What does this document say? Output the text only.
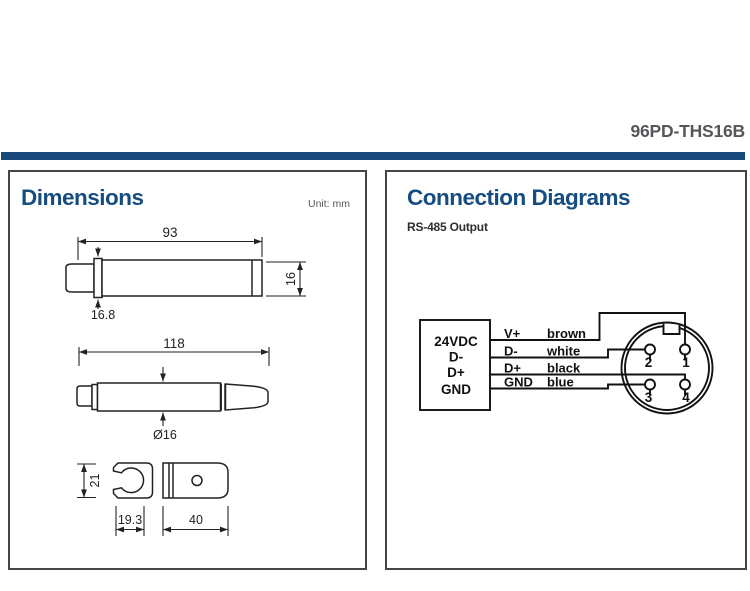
96PD-THS16B
Dimensions	Unit: mm	Connection Diagrams
RS-485 Output
93
16.8
16
118
Ø16
21
19.3	40
24VDC
D-
D+
GND
V+ brown
D- white
D+ black
GND blue
2 1
3 4
